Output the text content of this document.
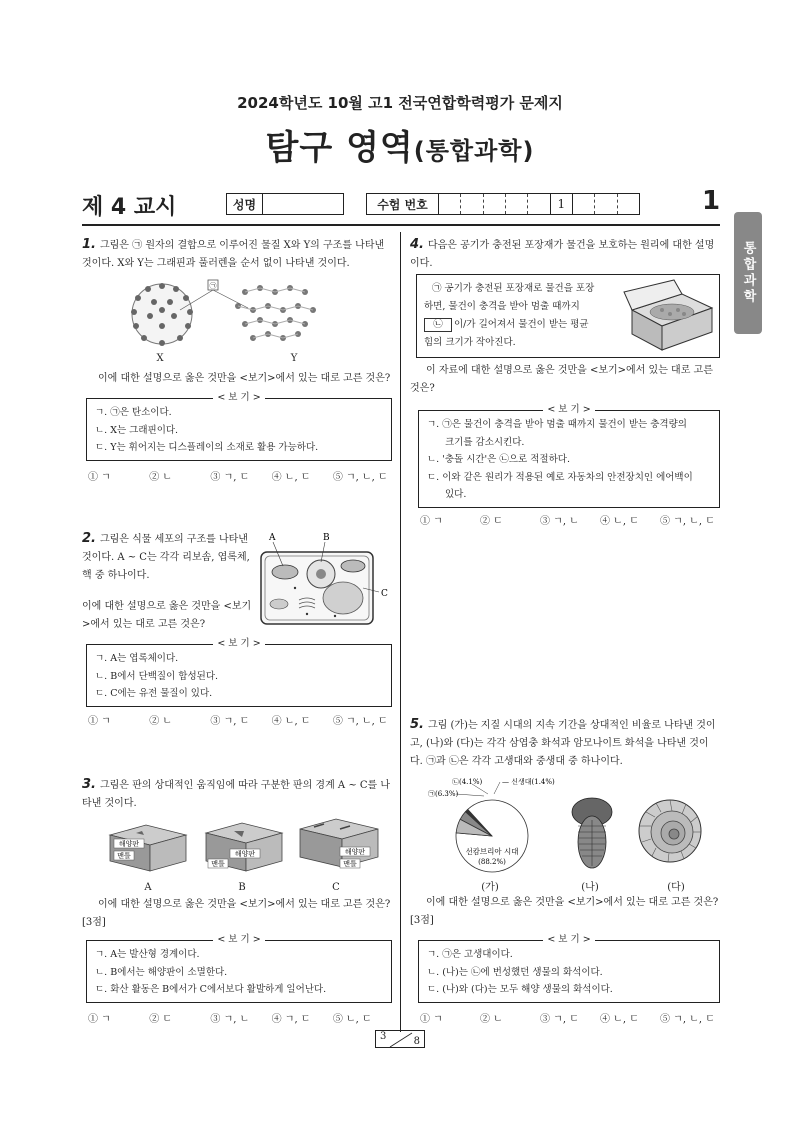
2024학년도 10월 고1 전국연합학력평가 문제지
탐구 영역(통합과학)
제 4 교시	성명	수험 번호	1	1
통합과학
1. 그림은 ㉠ 원자의 결합으로 이루어진 물질 X와 Y의 구조를 나타낸 것이다. X와 Y는 그래핀과 풀러렌을 순서 없이 나타낸 것이다.
㉠
X	Y
이에 대한 설명으로 옳은 것만을 <보기>에서 있는 대로 고른 것은?
< 보 기 >
ㄱ. ㉠은 탄소이다.
ㄴ. X는 그래핀이다.
ㄷ. Y는 휘어지는 디스플레이의 소재로 활용 가능하다.
① ㄱ	② ㄴ	③ ㄱ, ㄷ	④ ㄴ, ㄷ	⑤ ㄱ, ㄴ, ㄷ
2. 그림은 식물 세포의 구조를 나타낸 것이다. A ~ C는 각각 리보솜, 엽록체, 핵 중 하나이다.
이에 대한 설명으로 옳은 것만을 <보기>에서 있는 대로 고른 것은?
A	B
C
< 보 기 >
ㄱ. A는 엽록체이다.
ㄴ. B에서 단백질이 합성된다.
ㄷ. C에는 유전 물질이 있다.
① ㄱ	② ㄴ	③ ㄱ, ㄷ	④ ㄴ, ㄷ	⑤ ㄱ, ㄴ, ㄷ
3. 그림은 판의 상대적인 움직임에 따라 구분한 판의 경계 A ~ C를 나타낸 것이다.
해양판
맨틀	해양판
맨틀
해양판
맨틀
A	B	C
이에 대한 설명으로 옳은 것만을 <보기>에서 있는 대로 고른 것은? [3점]
< 보 기 >
ㄱ. A는 발산형 경계이다.
ㄴ. B에서는 해양판이 소멸한다.
ㄷ. 화산 활동은 B에서가 C에서보다 활발하게 일어난다.
① ㄱ	② ㄷ	③ ㄱ, ㄴ	④ ㄱ, ㄷ	⑤ ㄴ, ㄷ
4. 다음은 공기가 충전된 포장재가 물건을 보호하는 원리에 대한 설명이다.
㉠ 공기가 충전된 포장재로 물건을 포장
하면, 물건이 충격을 받아 멈출 때까지
㉡	이/가 길어져서 물건이 받는 평균
힘의 크기가 작아진다.
이 자료에 대한 설명으로 옳은 것만을 <보기>에서 있는 대로 고른 것은?
< 보 기 >
ㄱ. ㉠은 물건이 충격을 받아 멈출 때까지 물건이 받는 충격량의
크기를 감소시킨다.
ㄴ. '충돌 시간'은 ㉡으로 적절하다.
ㄷ. 이와 같은 원리가 적용된 예로 자동차의 안전장치인 에어백이
있다.
① ㄱ	② ㄷ	③ ㄱ, ㄴ	④ ㄴ, ㄷ	⑤ ㄱ, ㄴ, ㄷ
5. 그림 (가)는 지질 시대의 지속 기간을 상대적인 비율로 나타낸 것이고, (나)와 (다)는 각각 삼엽충 화석과 암모나이트 화석을 나타낸 것이다. ㉠과 ㉡은 각각 고생대와 중생대 중 하나이다.
— 신생대(1.4%)
㉡(4.1%)
㉠(6.3%)
선캄브리아 시대
(88.2%)
(가)	(나)	(다)
이에 대한 설명으로 옳은 것만을 <보기>에서 있는 대로 고른 것은? [3점]
< 보 기 >
ㄱ. ㉠은 고생대이다.
ㄴ. (나)는 ㉡에 번성했던 생물의 화석이다.
ㄷ. (나)와 (다)는 모두 해양 생물의 화석이다.
① ㄱ	② ㄴ	③ ㄱ, ㄷ	④ ㄴ, ㄷ	⑤ ㄱ, ㄴ, ㄷ
3	8
